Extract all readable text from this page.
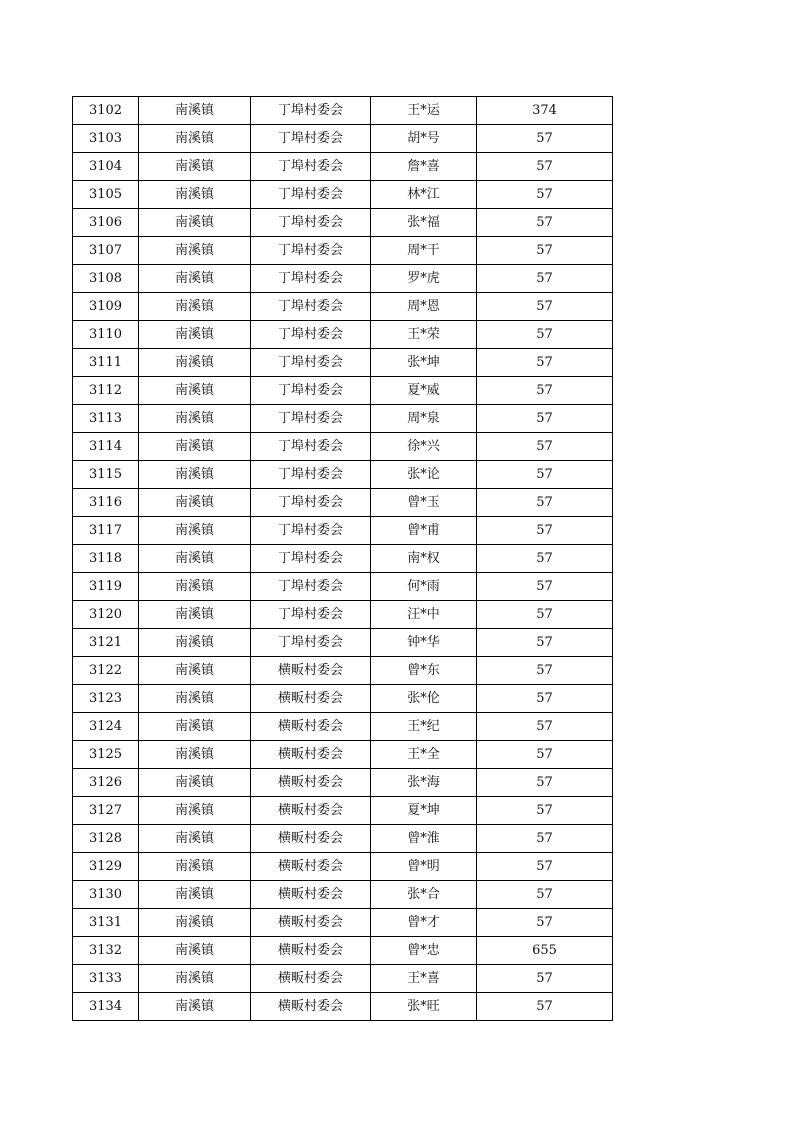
3102	南溪镇	丁埠村委会	王*运	374
3103	南溪镇	丁埠村委会	胡*号	57
3104	南溪镇	丁埠村委会	詹*喜	57
3105	南溪镇	丁埠村委会	林*江	57
3106	南溪镇	丁埠村委会	张*福	57
3107	南溪镇	丁埠村委会	周*干	57
3108	南溪镇	丁埠村委会	罗*虎	57
3109	南溪镇	丁埠村委会	周*恩	57
3110	南溪镇	丁埠村委会	王*荣	57
3111	南溪镇	丁埠村委会	张*坤	57
3112	南溪镇	丁埠村委会	夏*威	57
3113	南溪镇	丁埠村委会	周*泉	57
3114	南溪镇	丁埠村委会	徐*兴	57
3115	南溪镇	丁埠村委会	张*论	57
3116	南溪镇	丁埠村委会	曾*玉	57
3117	南溪镇	丁埠村委会	曾*甫	57
3118	南溪镇	丁埠村委会	南*权	57
3119	南溪镇	丁埠村委会	何*雨	57
3120	南溪镇	丁埠村委会	汪*中	57
3121	南溪镇	丁埠村委会	钟*华	57
3122	南溪镇	横畈村委会	曾*东	57
3123	南溪镇	横畈村委会	张*伦	57
3124	南溪镇	横畈村委会	王*纪	57
3125	南溪镇	横畈村委会	王*全	57
3126	南溪镇	横畈村委会	张*海	57
3127	南溪镇	横畈村委会	夏*坤	57
3128	南溪镇	横畈村委会	曾*淮	57
3129	南溪镇	横畈村委会	曾*明	57
3130	南溪镇	横畈村委会	张*合	57
3131	南溪镇	横畈村委会	曾*才	57
3132	南溪镇	横畈村委会	曾*忠	655
3133	南溪镇	横畈村委会	王*喜	57
3134	南溪镇	横畈村委会	张*旺	57
